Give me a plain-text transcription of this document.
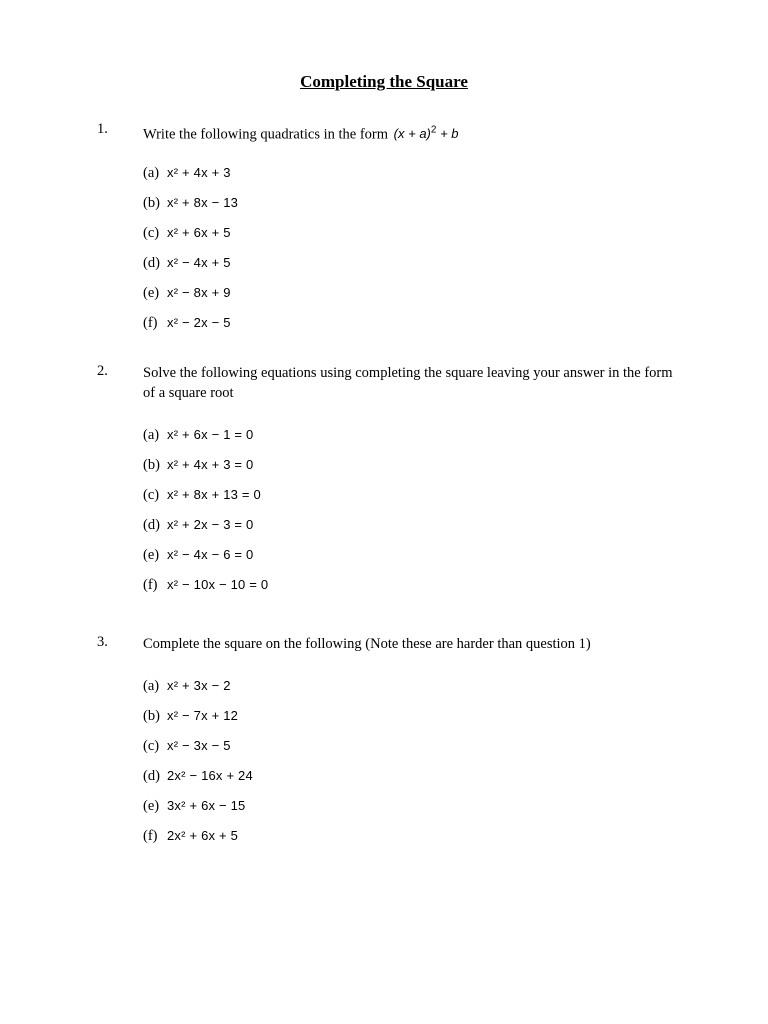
Completing the Square
1. Write the following quadratics in the form $(x + a)^2 + b$
(a) x² + 4x + 3
(b) x² + 8x − 13
(c) x² + 6x + 5
(d) x² − 4x + 5
(e) x² − 8x + 9
(f) x² − 2x − 5
2. Solve the following equations using completing the square leaving your answer in the form of a square root
(a) x² + 6x − 1 = 0
(b) x² + 4x + 3 = 0
(c) x² + 8x + 13 = 0
(d) x² + 2x − 3 = 0
(e) x² − 4x − 6 = 0
(f) x² − 10x − 10 = 0
3. Complete the square on the following (Note these are harder than question 1)
(a) x² + 3x − 2
(b) x² − 7x + 12
(c) x² − 3x − 5
(d) 2x² − 16x + 24
(e) 3x² + 6x − 15
(f) 2x² + 6x + 5
